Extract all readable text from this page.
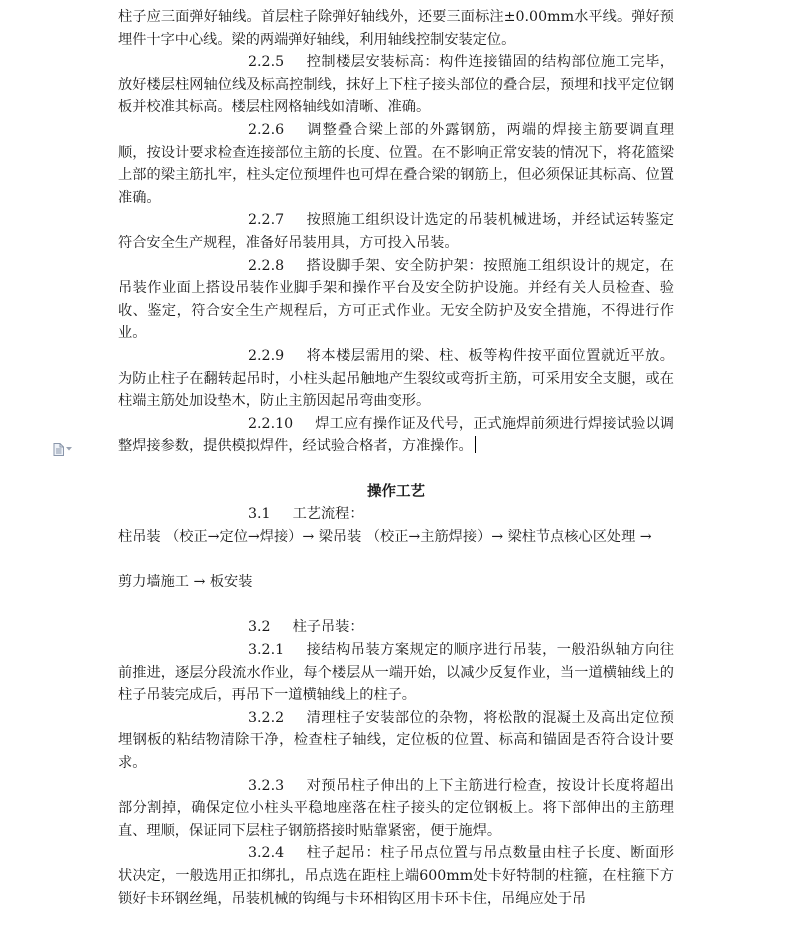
柱子应三面弹好轴线。首层柱子除弹好轴线外，还要三面标注±0.00mm水平线。弹好预埋件十字中心线。梁的两端弹好轴线，利用轴线控制安装定位。

2.2.5 控制楼层安装标高：构件连接锚固的结构部位施工完毕，放好楼层柱网轴位线及标高控制线，抹好上下柱子接头部位的叠合层，预埋和找平定位钢板并校准其标高。楼层柱网格轴线如清晰、准确。

2.2.6 调整叠合梁上部的外露钢筋，两端的焊接主筋要调直理顺，按设计要求检查连接部位主筋的长度、位置。在不影响正常安装的情况下，将花篮梁上部的梁主筋扎牢，柱头定位预埋件也可焊在叠合梁的钢筋上，但必须保证其标高、位置准确。

2.2.7 按照施工组织设计选定的吊装机械进场，并经试运转鉴定符合安全生产规程，准备好吊装用具，方可投入吊装。

2.2.8 搭设脚手架、安全防护架：按照施工组织设计的规定，在吊装作业面上搭设吊装作业脚手架和操作平台及安全防护设施。并经有关人员检查、验收、鉴定，符合安全生产规程后，方可正式作业。无安全防护及安全措施，不得进行作业。

2.2.9 将本楼层需用的梁、柱、板等构件按平面位置就近平放。为防止柱子在翻转起吊时，小柱头起吊触地产生裂纹或弯折主筋，可采用安全支腿，或在柱端主筋处加设垫木，防止主筋因起吊弯曲变形。

2.2.10 焊工应有操作证及代号，正式施焊前须进行焊接试验以调整焊接参数，提供模拟焊件，经试验合格者，方准操作。

操作工艺

3.1 工艺流程：

柱吊装 （校正→定位→焊接）→ 梁吊装 （校正→主筋焊接）→ 梁柱节点核心区处理 →

剪力墙施工 → 板安装

3.2 柱子吊装：

3.2.1 接结构吊装方案规定的顺序进行吊装，一般沿纵轴方向往前推进，逐层分段流水作业，每个楼层从一端开始，以减少反复作业，当一道横轴线上的柱子吊装完成后，再吊下一道横轴线上的柱子。

3.2.2 清理柱子安装部位的杂物，将松散的混凝土及高出定位预埋钢板的粘结物清除干净，检查柱子轴线，定位板的位置、标高和锚固是否符合设计要求。

3.2.3 对预吊柱子伸出的上下主筋进行检查，按设计长度将超出部分割掉，确保定位小柱头平稳地座落在柱子接头的定位钢板上。将下部伸出的主筋理直、理顺，保证同下层柱子钢筋搭接时贴靠紧密，便于施焊。

3.2.4 柱子起吊：柱子吊点位置与吊点数量由柱子长度、断面形状决定，一般选用正扣绑扎，吊点选在距柱上端600mm处卡好特制的柱箍，在柱箍下方锁好卡环钢丝绳，吊装机械的钩绳与卡环相钩区用卡环卡住，吊绳应处于吊
